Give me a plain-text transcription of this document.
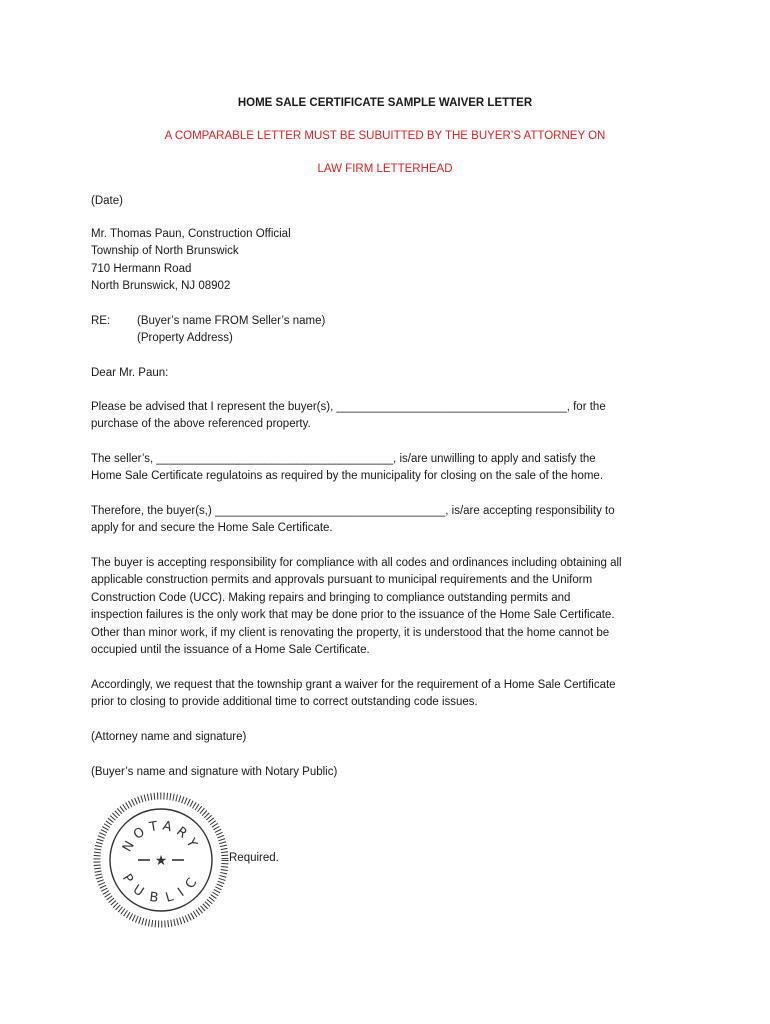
HOME SALE CERTIFICATE SAMPLE WAIVER LETTER
A COMPARABLE LETTER MUST BE SUBUITTED BY THE BUYER’S ATTORNEY ON
LAW FIRM LETTERHEAD
(Date)
Mr. Thomas Paun, Construction Official
Township of North Brunswick
710 Hermann Road
North Brunswick, NJ 08902
RE:	(Buyer’s name FROM Seller’s name)
(Property Address)
Dear Mr. Paun:
Please be advised that I represent the buyer(s), ____________________________________, for the
purchase of the above referenced property.
The seller’s, _____________________________________, is/are unwilling to apply and satisfy the
Home Sale Certificate regulatoins as required by the municipality for closing on the sale of the home.
Therefore, the buyer(s,) ____________________________________, is/are accepting responsibility to
apply for and secure the Home Sale Certificate.
The buyer is accepting responsibility for compliance with all codes and ordinances including obtaining all
applicable construction permits and approvals pursuant to municipal requirements and the Uniform
Construction Code (UCC). Making repairs and bringing to compliance outstanding permits and
inspection failures is the only work that may be done prior to the issuance of the Home Sale Certificate.
Other than minor work, if my client is renovating the property, it is understood that the home cannot be
occupied until the issuance of a Home Sale Certificate.
Accordingly, we request that the township grant a waiver for the requirement of a Home Sale Certificate
prior to closing to provide additional time to correct outstanding code issues.
(Attorney name and signature)
(Buyer’s name and signature with Notary Public)
NOTARY
PUBLIC
★	Required.
